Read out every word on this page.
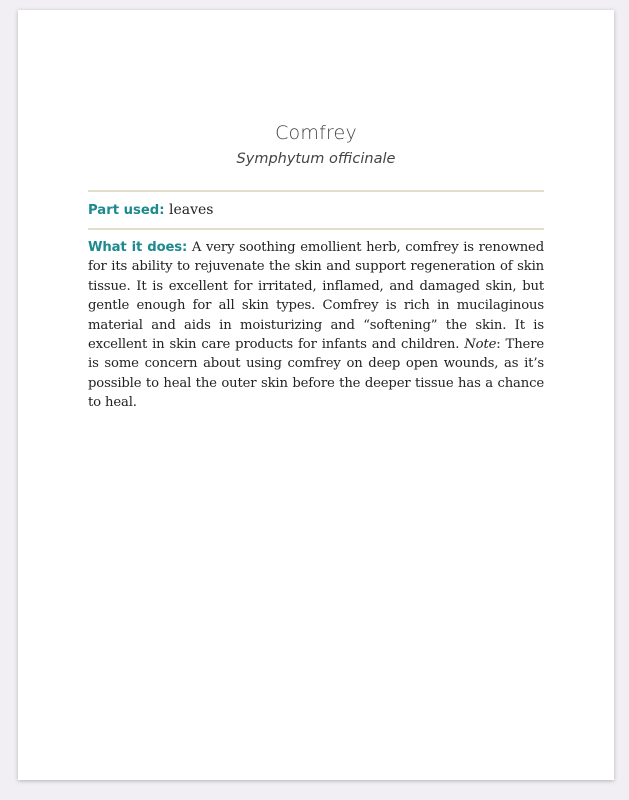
Comfrey
Symphytum officinale
Part used: leaves
What it does: A very soothing emollient herb, comfrey is renowned for its ability to rejuvenate the skin and support regeneration of skin tissue. It is excellent for irritated, inflamed, and damaged skin, but gentle enough for all skin types. Comfrey is rich in mucilaginous material and aids in moisturizing and “softening” the skin. It is excellent in skin care products for infants and children. Note: There is some concern about using comfrey on deep open wounds, as it’s possible to heal the outer skin before the deeper tissue has a chance to heal.
